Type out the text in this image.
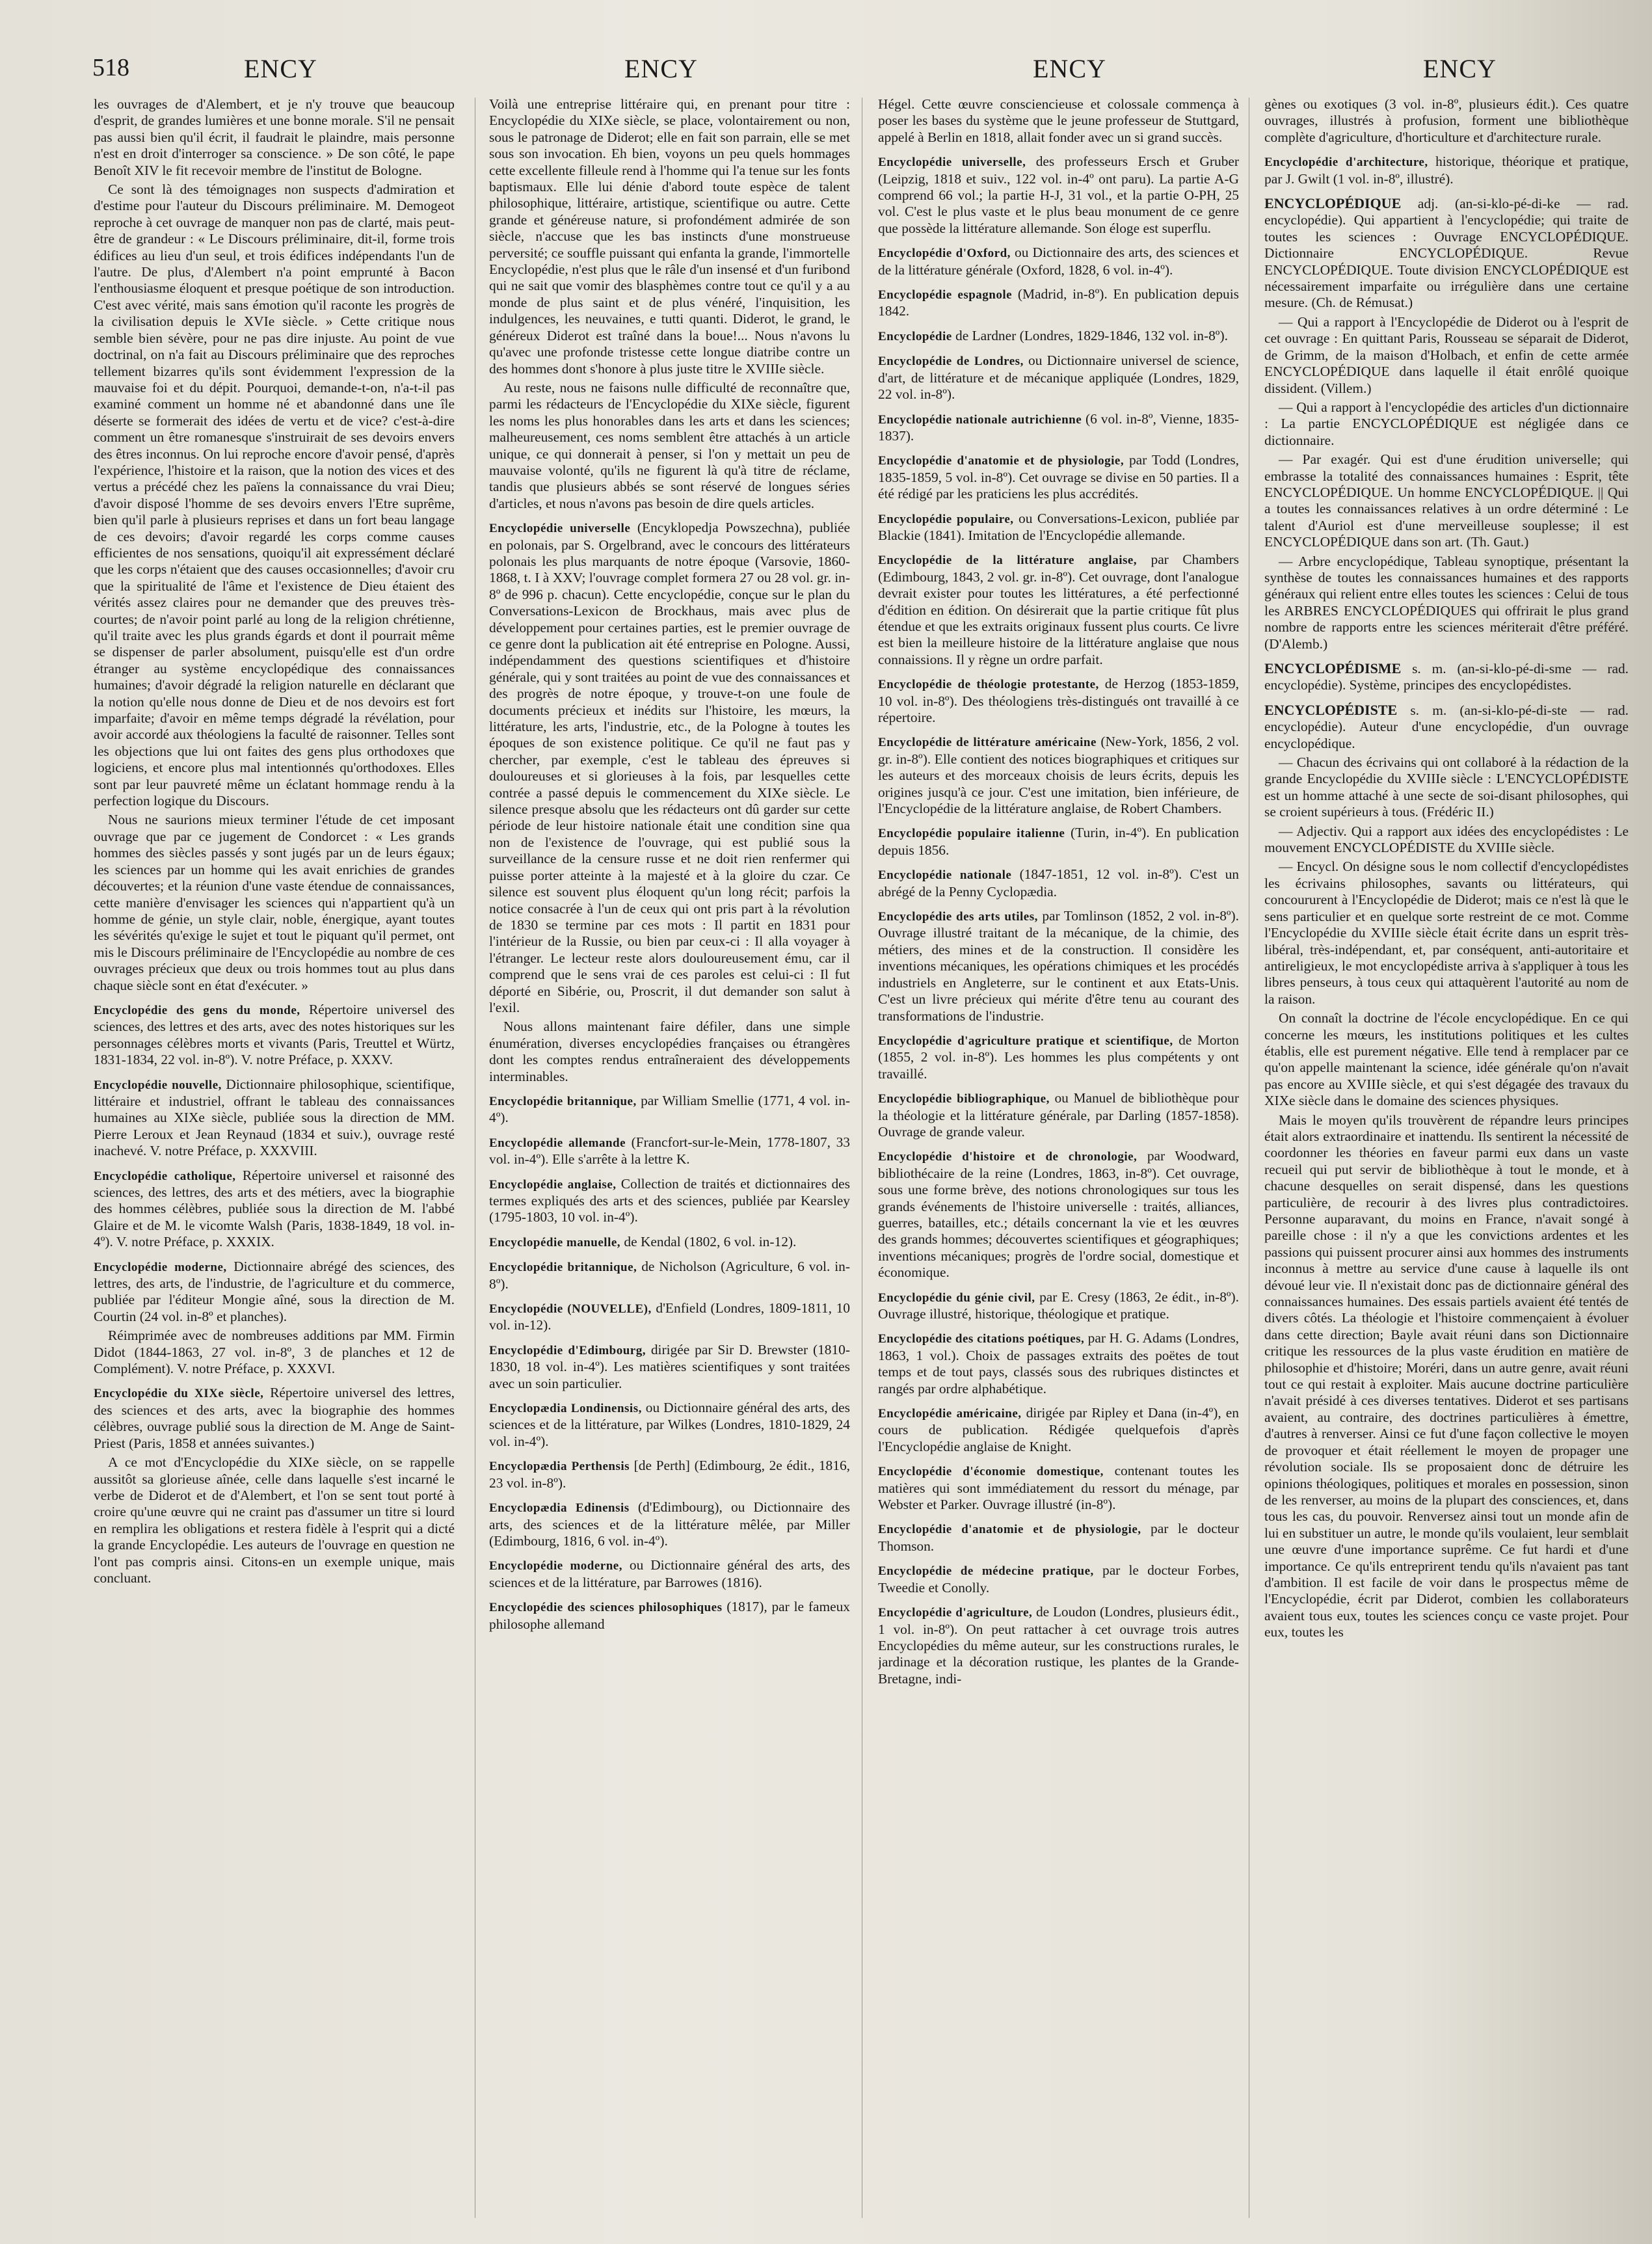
518	ENCY	ENCY	ENCY	ENCY

les ouvrages de d'Alembert, et je n'y trouve que beaucoup d'esprit, de grandes lumières et une bonne morale. S'il ne pensait pas aussi bien qu'il écrit, il faudrait le plaindre, mais personne n'est en droit d'interroger sa conscience. » De son côté, le pape Benoît XIV le fit recevoir membre de l'institut de Bologne.

Ce sont là des témoignages non suspects d'admiration et d'estime pour l'auteur du Discours préliminaire. M. Demogeot reproche à cet ouvrage de manquer non pas de clarté, mais peut-être de grandeur : « Le Discours préliminaire, dit-il, forme trois édifices au lieu d'un seul, et trois édifices indépendants l'un de l'autre. De plus, d'Alembert n'a point emprunté à Bacon l'enthousiasme éloquent et presque poétique de son introduction. C'est avec vérité, mais sans émotion qu'il raconte les progrès de la civilisation depuis le XVIe siècle. » Cette critique nous semble bien sévère, pour ne pas dire injuste. Au point de vue doctrinal, on n'a fait au Discours préliminaire que des reproches tellement bizarres qu'ils sont évidemment l'expression de la mauvaise foi et du dépit. Pourquoi, demande-t-on, n'a-t-il pas examiné comment un homme né et abandonné dans une île déserte se formerait des idées de vertu et de vice? c'est-à-dire comment un être romanesque s'instruirait de ses devoirs envers des êtres inconnus. On lui reproche encore d'avoir pensé, d'après l'expérience, l'histoire et la raison, que la notion des vices et des vertus a précédé chez les païens la connaissance du vrai Dieu; d'avoir disposé l'homme de ses devoirs envers l'Etre suprême, bien qu'il parle à plusieurs reprises et dans un fort beau langage de ces devoirs; d'avoir regardé les corps comme causes efficientes de nos sensations, quoiqu'il ait expressément déclaré que les corps n'étaient que des causes occasionnelles; d'avoir cru que la spiritualité de l'âme et l'existence de Dieu étaient des vérités assez claires pour ne demander que des preuves très-courtes; de n'avoir point parlé au long de la religion chrétienne, qu'il traite avec les plus grands égards et dont il pourrait même se dispenser de parler absolument, puisqu'elle est d'un ordre étranger au système encyclopédique des connaissances humaines; d'avoir dégradé la religion naturelle en déclarant que la notion qu'elle nous donne de Dieu et de nos devoirs est fort imparfaite; d'avoir en même temps dégradé la révélation, pour avoir accordé aux théologiens la faculté de raisonner. Telles sont les objections que lui ont faites des gens plus orthodoxes que logiciens, et encore plus mal intentionnés qu'orthodoxes. Elles sont par leur pauvreté même un éclatant hommage rendu à la perfection logique du Discours.

Nous ne saurions mieux terminer l'étude de cet imposant ouvrage que par ce jugement de Condorcet : « Les grands hommes des siècles passés y sont jugés par un de leurs égaux; les sciences par un homme qui les avait enrichies de grandes découvertes; et la réunion d'une vaste étendue de connaissances, cette manière d'envisager les sciences qui n'appartient qu'à un homme de génie, un style clair, noble, énergique, ayant toutes les sévérités qu'exige le sujet et tout le piquant qu'il permet, ont mis le Discours préliminaire de l'Encyclopédie au nombre de ces ouvrages précieux que deux ou trois hommes tout au plus dans chaque siècle sont en état d'exécuter. »

Encyclopédie des gens du monde, Répertoire universel des sciences, des lettres et des arts, avec des notes historiques sur les personnages célèbres morts et vivants (Paris, Treuttel et Würtz, 1831-1834, 22 vol. in-8º). V. notre Préface, p. XXXV.

Encyclopédie nouvelle, Dictionnaire philosophique, scientifique, littéraire et industriel, offrant le tableau des connaissances humaines au XIXe siècle, publiée sous la direction de MM. Pierre Leroux et Jean Reynaud (1834 et suiv.), ouvrage resté inachevé. V. notre Préface, p. XXXVIII.

Encyclopédie catholique, Répertoire universel et raisonné des sciences, des lettres, des arts et des métiers, avec la biographie des hommes célèbres, publiée sous la direction de M. l'abbé Glaire et de M. le vicomte Walsh (Paris, 1838-1849, 18 vol. in-4º). V. notre Préface, p. XXXIX.

Encyclopédie moderne, Dictionnaire abrégé des sciences, des lettres, des arts, de l'industrie, de l'agriculture et du commerce, publiée par l'éditeur Mongie aîné, sous la direction de M. Courtin (24 vol. in-8º et planches).

Réimprimée avec de nombreuses additions par MM. Firmin Didot (1844-1863, 27 vol. in-8º, 3 de planches et 12 de Complément). V. notre Préface, p. XXXVI.

Encyclopédie du XIXe siècle, Répertoire universel des lettres, des sciences et des arts, avec la biographie des hommes célèbres, ouvrage publié sous la direction de M. Ange de Saint-Priest (Paris, 1858 et années suivantes.)

A ce mot d'Encyclopédie du XIXe siècle, on se rappelle aussitôt sa glorieuse aînée, celle dans laquelle s'est incarné le verbe de Diderot et de d'Alembert, et l'on se sent tout porté à croire qu'une œuvre qui ne craint pas d'assumer un titre si lourd en remplira les obligations et restera fidèle à l'esprit qui a dicté la grande Encyclopédie. Les auteurs de l'ouvrage en question ne l'ont pas compris ainsi. Citons-en un exemple unique, mais concluant.

Voilà une entreprise littéraire qui, en prenant pour titre : Encyclopédie du XIXe siècle, se place, volontairement ou non, sous le patronage de Diderot; elle en fait son parrain, elle se met sous son invocation. Eh bien, voyons un peu quels hommages cette excellente filleule rend à l'homme qui l'a tenue sur les fonts baptismaux. Elle lui dénie d'abord toute espèce de talent philosophique, littéraire, artistique, scientifique ou autre. Cette grande et généreuse nature, si profondément admirée de son siècle, n'accuse que les bas instincts d'une monstrueuse perversité; ce souffle puissant qui enfanta la grande, l'immortelle Encyclopédie, n'est plus que le râle d'un insensé et d'un furibond qui ne sait que vomir des blasphèmes contre tout ce qu'il y a au monde de plus saint et de plus vénéré, l'inquisition, les indulgences, les neuvaines, e tutti quanti. Diderot, le grand, le généreux Diderot est traîné dans la boue!... Nous n'avons lu qu'avec une profonde tristesse cette longue diatribe contre un des hommes dont s'honore à plus juste titre le XVIIIe siècle.

Au reste, nous ne faisons nulle difficulté de reconnaître que, parmi les rédacteurs de l'Encyclopédie du XIXe siècle, figurent les noms les plus honorables dans les arts et dans les sciences; malheureusement, ces noms semblent être attachés à un article unique, ce qui donnerait à penser, si l'on y mettait un peu de mauvaise volonté, qu'ils ne figurent là qu'à titre de réclame, tandis que plusieurs abbés se sont réservé de longues séries d'articles, et nous n'avons pas besoin de dire quels articles.

Encyclopédie universelle (Encyklopedja Powszechna), publiée en polonais, par S. Orgelbrand, avec le concours des littérateurs polonais les plus marquants de notre époque (Varsovie, 1860-1868, t. I à XXV; l'ouvrage complet formera 27 ou 28 vol. gr. in-8º de 996 p. chacun). Cette encyclopédie, conçue sur le plan du Conversations-Lexicon de Brockhaus, mais avec plus de développement pour certaines parties, est le premier ouvrage de ce genre dont la publication ait été entreprise en Pologne. Aussi, indépendamment des questions scientifiques et d'histoire générale, qui y sont traitées au point de vue des connaissances et des progrès de notre époque, y trouve-t-on une foule de documents précieux et inédits sur l'histoire, les mœurs, la littérature, les arts, l'industrie, etc., de la Pologne à toutes les époques de son existence politique. Ce qu'il ne faut pas y chercher, par exemple, c'est le tableau des épreuves si douloureuses et si glorieuses à la fois, par lesquelles cette contrée a passé depuis le commencement du XIXe siècle. Le silence presque absolu que les rédacteurs ont dû garder sur cette période de leur histoire nationale était une condition sine qua non de l'existence de l'ouvrage, qui est publié sous la surveillance de la censure russe et ne doit rien renfermer qui puisse porter atteinte à la majesté et à la gloire du czar. Ce silence est souvent plus éloquent qu'un long récit; parfois la notice consacrée à l'un de ceux qui ont pris part à la révolution de 1830 se termine par ces mots : Il partit en 1831 pour l'intérieur de la Russie, ou bien par ceux-ci : Il alla voyager à l'étranger. Le lecteur reste alors douloureusement ému, car il comprend que le sens vrai de ces paroles est celui-ci : Il fut déporté en Sibérie, ou, Proscrit, il dut demander son salut à l'exil.

Nous allons maintenant faire défiler, dans une simple énumération, diverses encyclopédies françaises ou étrangères dont les comptes rendus entraîneraient des développements interminables.

Encyclopédie britannique, par William Smellie (1771, 4 vol. in-4º).

Encyclopédie allemande (Francfort-sur-le-Mein, 1778-1807, 33 vol. in-4º). Elle s'arrête à la lettre K.

Encyclopédie anglaise, Collection de traités et dictionnaires des termes expliqués des arts et des sciences, publiée par Kearsley (1795-1803, 10 vol. in-4º).

Encyclopédie manuelle, de Kendal (1802, 6 vol. in-12).

Encyclopédie britannique, de Nicholson (Agriculture, 6 vol. in-8º).

Encyclopédie (NOUVELLE), d'Enfield (Londres, 1809-1811, 10 vol. in-12).

Encyclopédie d'Edimbourg, dirigée par Sir D. Brewster (1810-1830, 18 vol. in-4º). Les matières scientifiques y sont traitées avec un soin particulier.

Encyclopædia Londinensis, ou Dictionnaire général des arts, des sciences et de la littérature, par Wilkes (Londres, 1810-1829, 24 vol. in-4º).

Encyclopædia Perthensis [de Perth] (Edimbourg, 2e édit., 1816, 23 vol. in-8º).

Encyclopædia Edinensis (d'Edimbourg), ou Dictionnaire des arts, des sciences et de la littérature mêlée, par Miller (Edimbourg, 1816, 6 vol. in-4º).

Encyclopédie moderne, ou Dictionnaire général des arts, des sciences et de la littérature, par Barrowes (1816).

Encyclopédie des sciences philosophiques (1817), par le fameux philosophe allemand

Hégel. Cette œuvre consciencieuse et colossale commença à poser les bases du système que le jeune professeur de Stuttgard, appelé à Berlin en 1818, allait fonder avec un si grand succès.

Encyclopédie universelle, des professeurs Ersch et Gruber (Leipzig, 1818 et suiv., 122 vol. in-4º ont paru). La partie A-G comprend 66 vol.; la partie H-J, 31 vol., et la partie O-PH, 25 vol. C'est le plus vaste et le plus beau monument de ce genre que possède la littérature allemande. Son éloge est superflu.

Encyclopédie d'Oxford, ou Dictionnaire des arts, des sciences et de la littérature générale (Oxford, 1828, 6 vol. in-4º).

Encyclopédie espagnole (Madrid, in-8º). En publication depuis 1842.

Encyclopédie de Lardner (Londres, 1829-1846, 132 vol. in-8º).

Encyclopédie de Londres, ou Dictionnaire universel de science, d'art, de littérature et de mécanique appliquée (Londres, 1829, 22 vol. in-8º).

Encyclopédie nationale autrichienne (6 vol. in-8º, Vienne, 1835-1837).

Encyclopédie d'anatomie et de physiologie, par Todd (Londres, 1835-1859, 5 vol. in-8º). Cet ouvrage se divise en 50 parties. Il a été rédigé par les praticiens les plus accrédités.

Encyclopédie populaire, ou Conversations-Lexicon, publiée par Blackie (1841). Imitation de l'Encyclopédie allemande.

Encyclopédie de la littérature anglaise, par Chambers (Edimbourg, 1843, 2 vol. gr. in-8º). Cet ouvrage, dont l'analogue devrait exister pour toutes les littératures, a été perfectionné d'édition en édition. On désirerait que la partie critique fût plus étendue et que les extraits originaux fussent plus courts. Ce livre est bien la meilleure histoire de la littérature anglaise que nous connaissions. Il y règne un ordre parfait.

Encyclopédie de théologie protestante, de Herzog (1853-1859, 10 vol. in-8º). Des théologiens très-distingués ont travaillé à ce répertoire.

Encyclopédie de littérature américaine (New-York, 1856, 2 vol. gr. in-8º). Elle contient des notices biographiques et critiques sur les auteurs et des morceaux choisis de leurs écrits, depuis les origines jusqu'à ce jour. C'est une imitation, bien inférieure, de l'Encyclopédie de la littérature anglaise, de Robert Chambers.

Encyclopédie populaire italienne (Turin, in-4º). En publication depuis 1856.

Encyclopédie nationale (1847-1851, 12 vol. in-8º). C'est un abrégé de la Penny Cyclopædia.

Encyclopédie des arts utiles, par Tomlinson (1852, 2 vol. in-8º). Ouvrage illustré traitant de la mécanique, de la chimie, des métiers, des mines et de la construction. Il considère les inventions mécaniques, les opérations chimiques et les procédés industriels en Angleterre, sur le continent et aux Etats-Unis. C'est un livre précieux qui mérite d'être tenu au courant des transformations de l'industrie.

Encyclopédie d'agriculture pratique et scientifique, de Morton (1855, 2 vol. in-8º). Les hommes les plus compétents y ont travaillé.

Encyclopédie bibliographique, ou Manuel de bibliothèque pour la théologie et la littérature générale, par Darling (1857-1858). Ouvrage de grande valeur.

Encyclopédie d'histoire et de chronologie, par Woodward, bibliothécaire de la reine (Londres, 1863, in-8º). Cet ouvrage, sous une forme brève, des notions chronologiques sur tous les grands événements de l'histoire universelle : traités, alliances, guerres, batailles, etc.; détails concernant la vie et les œuvres des grands hommes; découvertes scientifiques et géographiques; inventions mécaniques; progrès de l'ordre social, domestique et économique.

Encyclopédie du génie civil, par E. Cresy (1863, 2e édit., in-8º). Ouvrage illustré, historique, théologique et pratique.

Encyclopédie des citations poétiques, par H. G. Adams (Londres, 1863, 1 vol.). Choix de passages extraits des poëtes de tout temps et de tout pays, classés sous des rubriques distinctes et rangés par ordre alphabétique.

Encyclopédie américaine, dirigée par Ripley et Dana (in-4º), en cours de publication. Rédigée quelquefois d'après l'Encyclopédie anglaise de Knight.

Encyclopédie d'économie domestique, contenant toutes les matières qui sont immédiatement du ressort du ménage, par Webster et Parker. Ouvrage illustré (in-8º).

Encyclopédie d'anatomie et de physiologie, par le docteur Thomson.

Encyclopédie de médecine pratique, par le docteur Forbes, Tweedie et Conolly.

Encyclopédie d'agriculture, de Loudon (Londres, plusieurs édit., 1 vol. in-8º). On peut rattacher à cet ouvrage trois autres Encyclopédies du même auteur, sur les constructions rurales, le jardinage et la décoration rustique, les plantes de la Grande-Bretagne, indi-

gènes ou exotiques (3 vol. in-8º, plusieurs édit.). Ces quatre ouvrages, illustrés à profusion, forment une bibliothèque complète d'agriculture, d'horticulture et d'architecture rurale.

Encyclopédie d'architecture, historique, théorique et pratique, par J. Gwilt (1 vol. in-8º, illustré).

ENCYCLOPÉDIQUE adj. (an-si-klo-pé-di-ke — rad. encyclopédie). Qui appartient à l'encyclopédie; qui traite de toutes les sciences : Ouvrage ENCYCLOPÉDIQUE. Dictionnaire ENCYCLOPÉDIQUE. Revue ENCYCLOPÉDIQUE. Toute division ENCYCLOPÉDIQUE est nécessairement imparfaite ou irrégulière dans une certaine mesure. (Ch. de Rémusat.)

— Qui a rapport à l'Encyclopédie de Diderot ou à l'esprit de cet ouvrage : En quittant Paris, Rousseau se séparait de Diderot, de Grimm, de la maison d'Holbach, et enfin de cette armée ENCYCLOPÉDIQUE dans laquelle il était enrôlé quoique dissident. (Villem.)

— Qui a rapport à l'encyclopédie des articles d'un dictionnaire : La partie ENCYCLOPÉDIQUE est négligée dans ce dictionnaire.

— Par exagér. Qui est d'une érudition universelle; qui embrasse la totalité des connaissances humaines : Esprit, tête ENCYCLOPÉDIQUE. Un homme ENCYCLOPÉDIQUE. || Qui a toutes les connaissances relatives à un ordre déterminé : Le talent d'Auriol est d'une merveilleuse souplesse; il est ENCYCLOPÉDIQUE dans son art. (Th. Gaut.)

— Arbre encyclopédique, Tableau synoptique, présentant la synthèse de toutes les connaissances humaines et des rapports généraux qui relient entre elles toutes les sciences : Celui de tous les ARBRES ENCYCLOPÉDIQUES qui offrirait le plus grand nombre de rapports entre les sciences mériterait d'être préféré. (D'Alemb.)

ENCYCLOPÉDISME s. m. (an-si-klo-pé-di-sme — rad. encyclopédie). Système, principes des encyclopédistes.

ENCYCLOPÉDISTE s. m. (an-si-klo-pé-di-ste — rad. encyclopédie). Auteur d'une encyclopédie, d'un ouvrage encyclopédique.

— Chacun des écrivains qui ont collaboré à la rédaction de la grande Encyclopédie du XVIIIe siècle : L'ENCYCLOPÉDISTE est un homme attaché à une secte de soi-disant philosophes, qui se croient supérieurs à tous. (Frédéric II.)

— Adjectiv. Qui a rapport aux idées des encyclopédistes : Le mouvement ENCYCLOPÉDISTE du XVIIIe siècle.

— Encycl. On désigne sous le nom collectif d'encyclopédistes les écrivains philosophes, savants ou littérateurs, qui concoururent à l'Encyclopédie de Diderot; mais ce n'est là que le sens particulier et en quelque sorte restreint de ce mot. Comme l'Encyclopédie du XVIIIe siècle était écrite dans un esprit très-libéral, très-indépendant, et, par conséquent, anti-autoritaire et antireligieux, le mot encyclopédiste arriva à s'appliquer à tous les libres penseurs, à tous ceux qui attaquèrent l'autorité au nom de la raison.

On connaît la doctrine de l'école encyclopédique. En ce qui concerne les mœurs, les institutions politiques et les cultes établis, elle est purement négative. Elle tend à remplacer par ce qu'on appelle maintenant la science, idée générale qu'on n'avait pas encore au XVIIIe siècle, et qui s'est dégagée des travaux du XIXe siècle dans le domaine des sciences physiques.

Mais le moyen qu'ils trouvèrent de répandre leurs principes était alors extraordinaire et inattendu. Ils sentirent la nécessité de coordonner les théories en faveur parmi eux dans un vaste recueil qui put servir de bibliothèque à tout le monde, et à chacune desquelles on serait dispensé, dans les questions particulière, de recourir à des livres plus contradictoires. Personne auparavant, du moins en France, n'avait songé à pareille chose : il n'y a que les convictions ardentes et les passions qui puissent procurer ainsi aux hommes des instruments inconnus à mettre au service d'une cause à laquelle ils ont dévoué leur vie. Il n'existait donc pas de dictionnaire général des connaissances humaines. Des essais partiels avaient été tentés de divers côtés. La théologie et l'histoire commençaient à évoluer dans cette direction; Bayle avait réuni dans son Dictionnaire critique les ressources de la plus vaste érudition en matière de philosophie et d'histoire; Moréri, dans un autre genre, avait réuni tout ce qui restait à exploiter. Mais aucune doctrine particulière n'avait présidé à ces diverses tentatives. Diderot et ses partisans avaient, au contraire, des doctrines particulières à émettre, d'autres à renverser. Ainsi ce fut d'une façon collective le moyen de provoquer et était réellement le moyen de propager une révolution sociale. Ils se proposaient donc de détruire les opinions théologiques, politiques et morales en possession, sinon de les renverser, au moins de la plupart des consciences, et, dans tous les cas, du pouvoir. Renversez ainsi tout un monde afin de lui en substituer un autre, le monde qu'ils voulaient, leur semblait une œuvre d'une importance suprême. Ce fut hardi et d'une importance. Ce qu'ils entreprirent tendu qu'ils n'avaient pas tant d'ambition. Il est facile de voir dans le prospectus même de l'Encyclopédie, écrit par Diderot, combien les collaborateurs avaient tous eux, toutes les sciences conçu ce vaste projet. Pour eux, toutes les
